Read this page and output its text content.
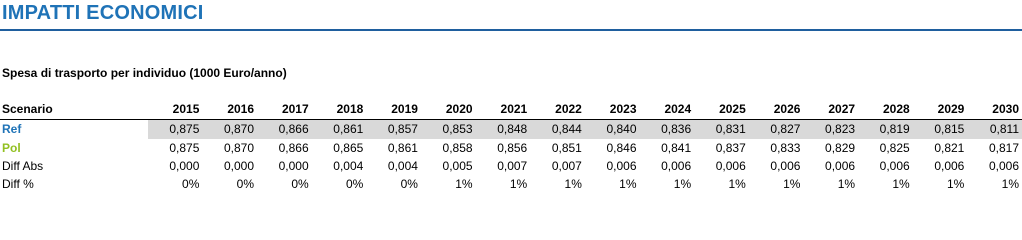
IMPATTI ECONOMICI
Spesa di trasporto per individuo (1000 Euro/anno)
Scenario	2015	2016	2017	2018	2019	2020	2021	2022	2023	2024	2025	2026	2027	2028	2029	2030
Ref	0,875	0,870	0,866	0,861	0,857	0,853	0,848	0,844	0,840	0,836	0,831	0,827	0,823	0,819	0,815	0,811
Pol	0,875	0,870	0,866	0,865	0,861	0,858	0,856	0,851	0,846	0,841	0,837	0,833	0,829	0,825	0,821	0,817
Diff Abs	0,000	0,000	0,000	0,004	0,004	0,005	0,007	0,007	0,006	0,006	0,006	0,006	0,006	0,006	0,006	0,006
Diff %	0%	0%	0%	0%	0%	1%	1%	1%	1%	1%	1%	1%	1%	1%	1%	1%
